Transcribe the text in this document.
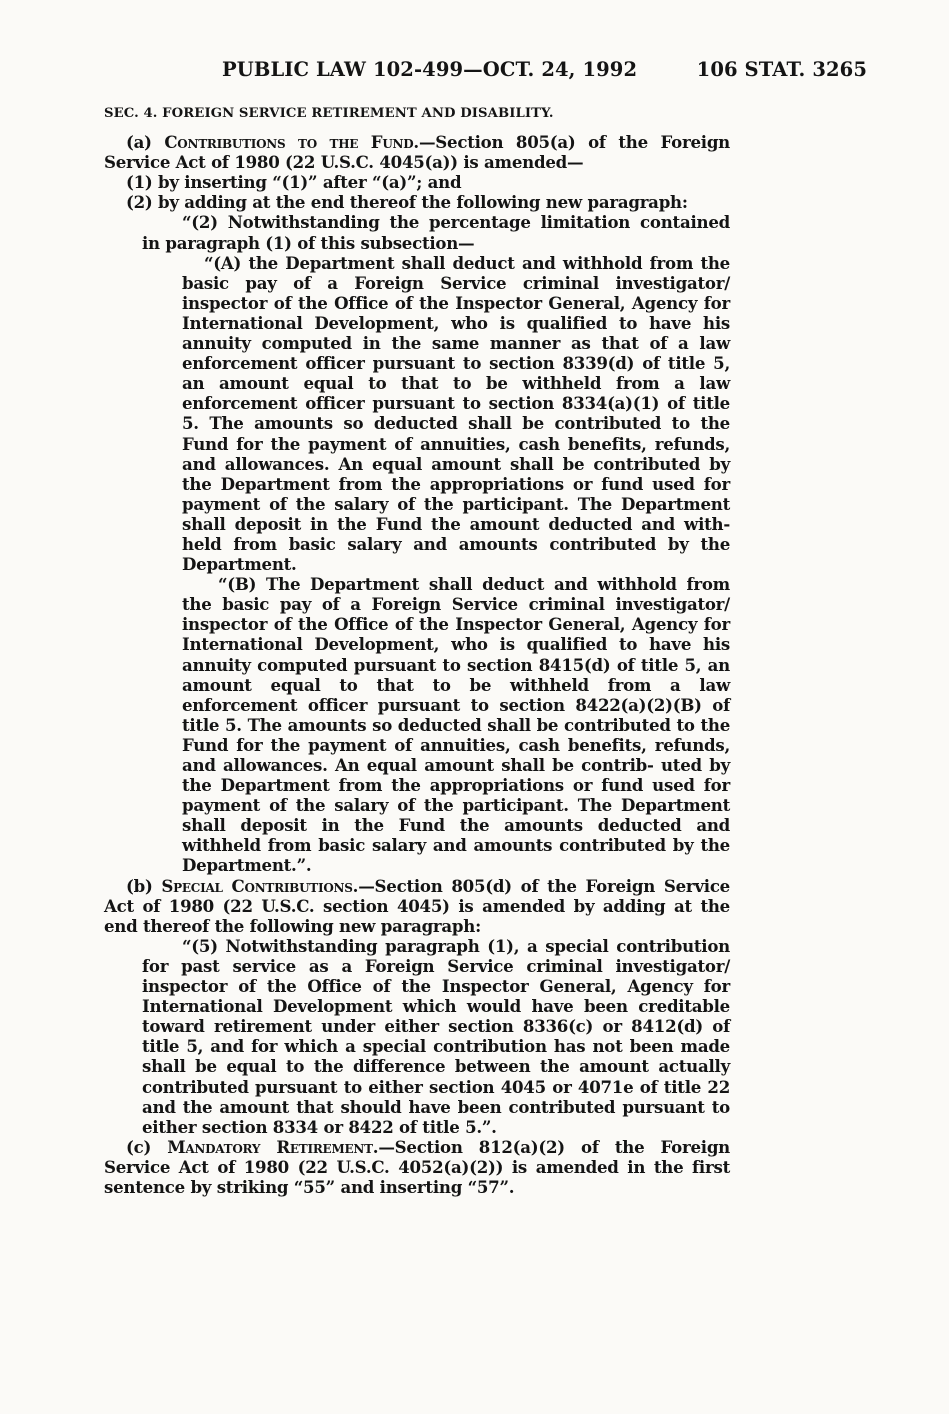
PUBLIC LAW 102-499—OCT. 24, 1992	106 STAT. 3265

SEC. 4. FOREIGN SERVICE RETIREMENT AND DISABILITY.

(a) Contributions to the Fund.—Section 805(a) of the Foreign Service Act of 1980 (22 U.S.C. 4045(a)) is amended—

(1) by inserting “(1)” after “(a)”; and

(2) by adding at the end thereof the following new paragraph:

“(2) Notwithstanding the percentage limitation contained in paragraph (1) of this subsection—

“(A) the Department shall deduct and withhold from the basic pay of a Foreign Service criminal investigator/ inspector of the Office of the Inspector General, Agency for International Development, who is qualified to have his annuity computed in the same manner as that of a law enforcement officer pursuant to section 8339(d) of title 5, an amount equal to that to be withheld from a law enforcement officer pursuant to section 8334(a)(1) of title 5. The amounts so deducted shall be contributed to the Fund for the payment of annuities, cash benefits, refunds, and allowances. An equal amount shall be contributed by the Department from the appropriations or fund used for payment of the salary of the participant. The Department shall deposit in the Fund the amount deducted and with- held from basic salary and amounts contributed by the Department.

“(B) The Department shall deduct and withhold from the basic pay of a Foreign Service criminal investigator/ inspector of the Office of the Inspector General, Agency for International Development, who is qualified to have his annuity computed pursuant to section 8415(d) of title 5, an amount equal to that to be withheld from a law enforcement officer pursuant to section 8422(a)(2)(B) of title 5. The amounts so deducted shall be contributed to the Fund for the payment of annuities, cash benefits, refunds, and allowances. An equal amount shall be contrib- uted by the Department from the appropriations or fund used for payment of the salary of the participant. The Department shall deposit in the Fund the amounts deducted and withheld from basic salary and amounts contributed by the Department.”.

(b) Special Contributions.—Section 805(d) of the Foreign Service Act of 1980 (22 U.S.C. section 4045) is amended by adding at the end thereof the following new paragraph:

“(5) Notwithstanding paragraph (1), a special contribution for past service as a Foreign Service criminal investigator/ inspector of the Office of the Inspector General, Agency for International Development which would have been creditable toward retirement under either section 8336(c) or 8412(d) of title 5, and for which a special contribution has not been made shall be equal to the difference between the amount actually contributed pursuant to either section 4045 or 4071e of title 22 and the amount that should have been contributed pursuant to either section 8334 or 8422 of title 5.”.

(c) Mandatory Retirement.—Section 812(a)(2) of the Foreign Service Act of 1980 (22 U.S.C. 4052(a)(2)) is amended in the first sentence by striking “55” and inserting “57”.
